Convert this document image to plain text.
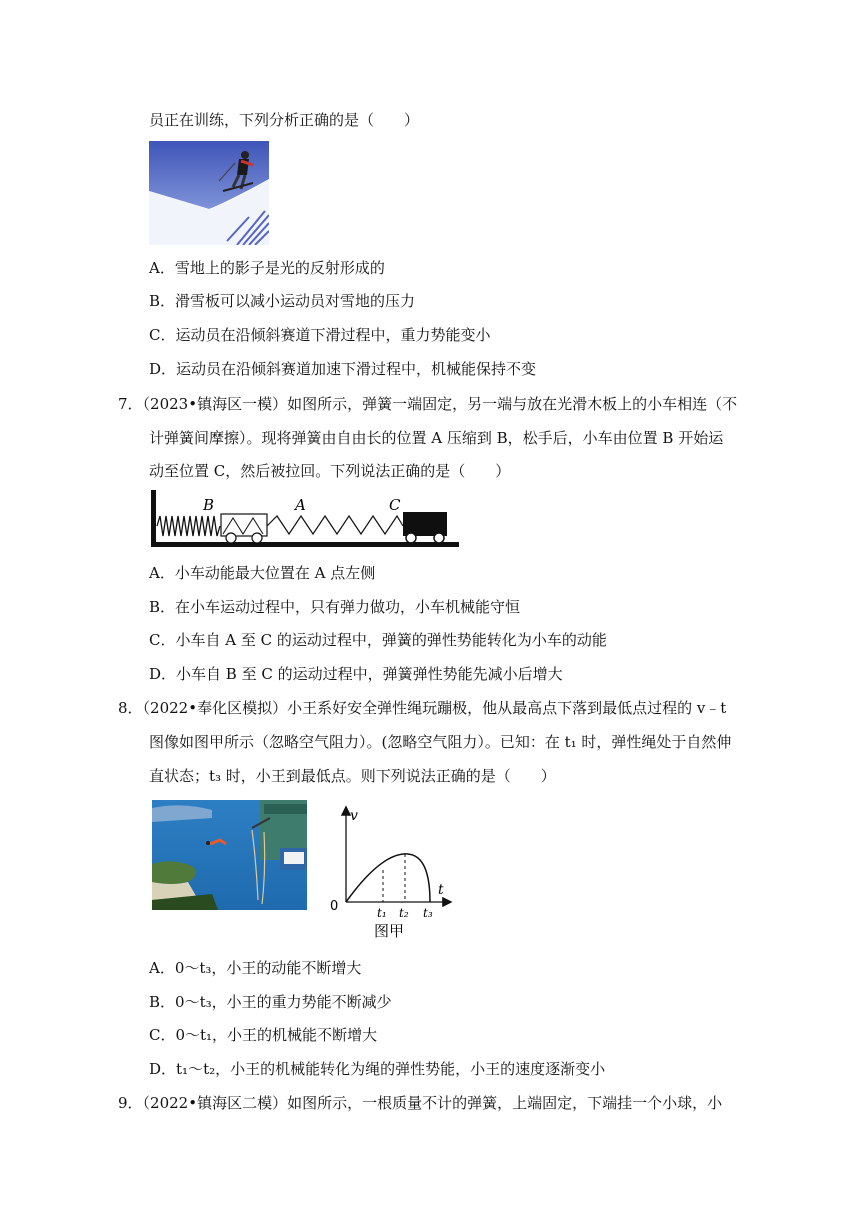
员正在训练，下列分析正确的是（　　）
A．雪地上的影子是光的反射形成的
B．滑雪板可以减小运动员对雪地的压力
C．运动员在沿倾斜赛道下滑过程中，重力势能变小
D．运动员在沿倾斜赛道加速下滑过程中，机械能保持不变
7．（2023•镇海区一模）如图所示，弹簧一端固定，另一端与放在光滑木板上的小车相连（不
计弹簧间摩擦）。现将弹簧由自由长的位置 A 压缩到 B，松手后，小车由位置 B 开始运
动至位置 C，然后被拉回。下列说法正确的是（　　）
B	A	C
A．小车动能最大位置在 A 点左侧
B．在小车运动过程中，只有弹力做功，小车机械能守恒
C．小车自 A 至 C 的运动过程中，弹簧的弹性势能转化为小车的动能
D．小车自 B 至 C 的运动过程中，弹簧弹性势能先减小后增大
8．（2022•奉化区模拟）小王系好安全弹性绳玩蹦极，他从最高点下落到最低点过程的 v﹣t
图像如图甲所示（忽略空气阻力）。(忽略空气阻力）。已知：在 t₁ 时，弹性绳处于自然伸
直状态；t₃ 时，小王到最低点。则下列说法正确的是（　　）
v
t
0	t₁ t₂ t₃
图甲
A．0～t₃，小王的动能不断增大
B．0～t₃，小王的重力势能不断减少
C．0～t₁，小王的机械能不断增大
D．t₁～t₂，小王的机械能转化为绳的弹性势能，小王的速度逐渐变小
9．（2022•镇海区二模）如图所示，一根质量不计的弹簧，上端固定，下端挂一个小球，小
